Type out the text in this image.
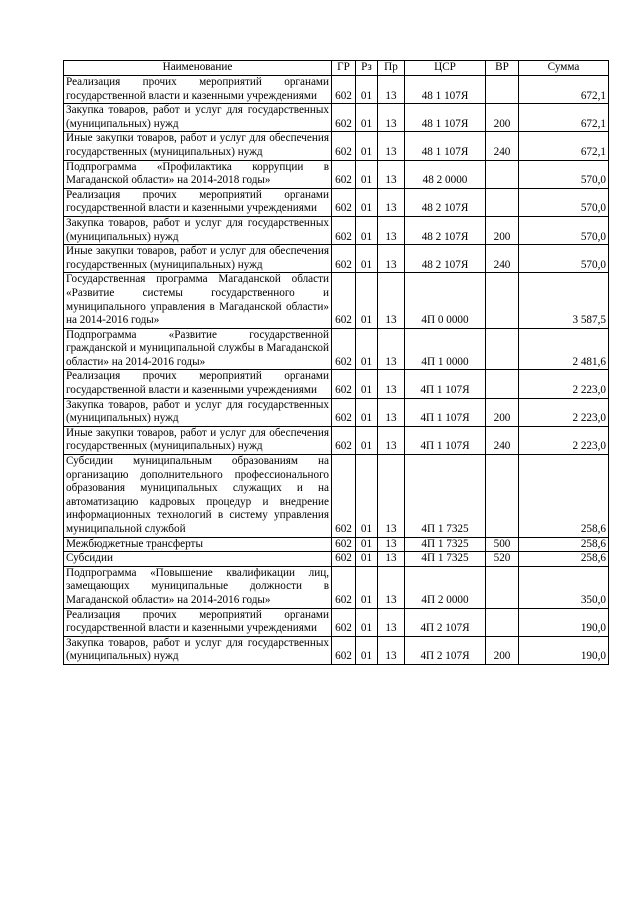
Наименование	ГР	Рз	Пр	ЦСР	ВР	Сумма
Реализация прочих мероприятий органами государственной власти и казенными учреждениями	602	01	13	48 1 107Я		672,1
Закупка товаров, работ и услуг для государственных (муниципальных) нужд	602	01	13	48 1 107Я	200	672,1
Иные закупки товаров, работ и услуг для обеспечения государственных (муниципальных) нужд	602	01	13	48 1 107Я	240	672,1
Подпрограмма «Профилактика коррупции в Магаданской области» на 2014-2018 годы»	602	01	13	48 2 0000		570,0
Реализация прочих мероприятий органами государственной власти и казенными учреждениями	602	01	13	48 2 107Я		570,0
Закупка товаров, работ и услуг для государственных (муниципальных) нужд	602	01	13	48 2 107Я	200	570,0
Иные закупки товаров, работ и услуг для обеспечения государственных (муниципальных) нужд	602	01	13	48 2 107Я	240	570,0
Государственная программа Магаданской области «Развитие системы государственного и муниципального управления в Магаданской области» на 2014-2016 годы»	602	01	13	4П 0 0000		3 587,5
Подпрограмма «Развитие государственной гражданской и муниципальной службы в Магаданской области» на 2014-2016 годы»	602	01	13	4П 1 0000		2 481,6
Реализация прочих мероприятий органами государственной власти и казенными учреждениями	602	01	13	4П 1 107Я		2 223,0
Закупка товаров, работ и услуг для государственных (муниципальных) нужд	602	01	13	4П 1 107Я	200	2 223,0
Иные закупки товаров, работ и услуг для обеспечения государственных (муниципальных) нужд	602	01	13	4П 1 107Я	240	2 223,0
Субсидии муниципальным образованиям на организацию дополнительного профессионального образования муниципальных служащих и на автоматизацию кадровых процедур и внедрение информационных технологий в систему управления муниципальной службой	602	01	13	4П 1 7325		258,6
Межбюджетные трансферты	602	01	13	4П 1 7325	500	258,6
Субсидии	602	01	13	4П 1 7325	520	258,6
Подпрограмма «Повышение квалификации лиц, замещающих муниципальные должности в Магаданской области» на 2014-2016 годы»	602	01	13	4П 2 0000		350,0
Реализация прочих мероприятий органами государственной власти и казенными учреждениями	602	01	13	4П 2 107Я		190,0
Закупка товаров, работ и услуг для государственных (муниципальных) нужд	602	01	13	4П 2 107Я	200	190,0
